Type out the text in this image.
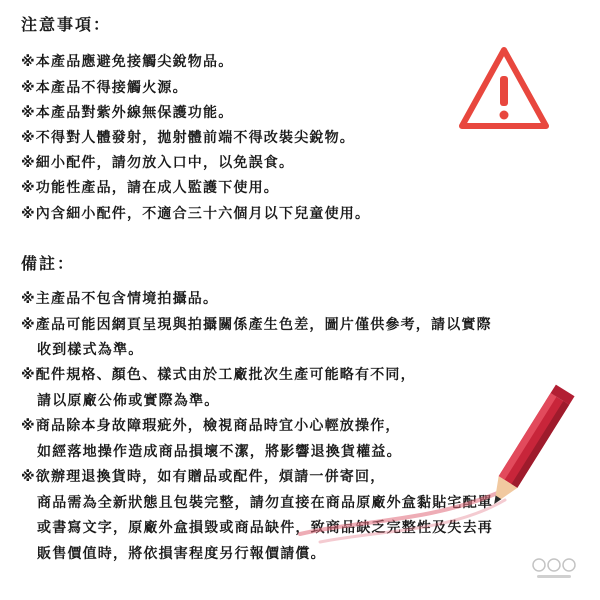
注意事項：

※本產品應避免接觸尖銳物品。

※本產品不得接觸火源。

※本產品對紫外線無保護功能。

※不得對人體發射，拋射體前端不得改裝尖銳物。

※細小配件，請勿放入口中，以免誤食。

※功能性產品，請在成人監護下使用。

※內含細小配件，不適合三十六個月以下兒童使用。

備註：

※主產品不包含情境拍攝品。

※產品可能因網頁呈現與拍攝關係產生色差，圖片僅供參考，請以實際

收到樣式為準。

※配件規格、顏色、樣式由於工廠批次生產可能略有不同，

請以原廠公佈或實際為準。

※商品除本身故障瑕疵外，檢視商品時宜小心輕放操作，

如經落地操作造成商品損壞不潔，將影響退換貨權益。

※欲辦理退換貨時，如有贈品或配件，煩請一併寄回，

商品需為全新狀態且包裝完整，請勿直接在商品原廠外盒黏貼宅配單

或書寫文字，原廠外盒損毀或商品缺件，致商品缺乏完整性及失去再

販售價值時，將依損害程度另行報價請償。
